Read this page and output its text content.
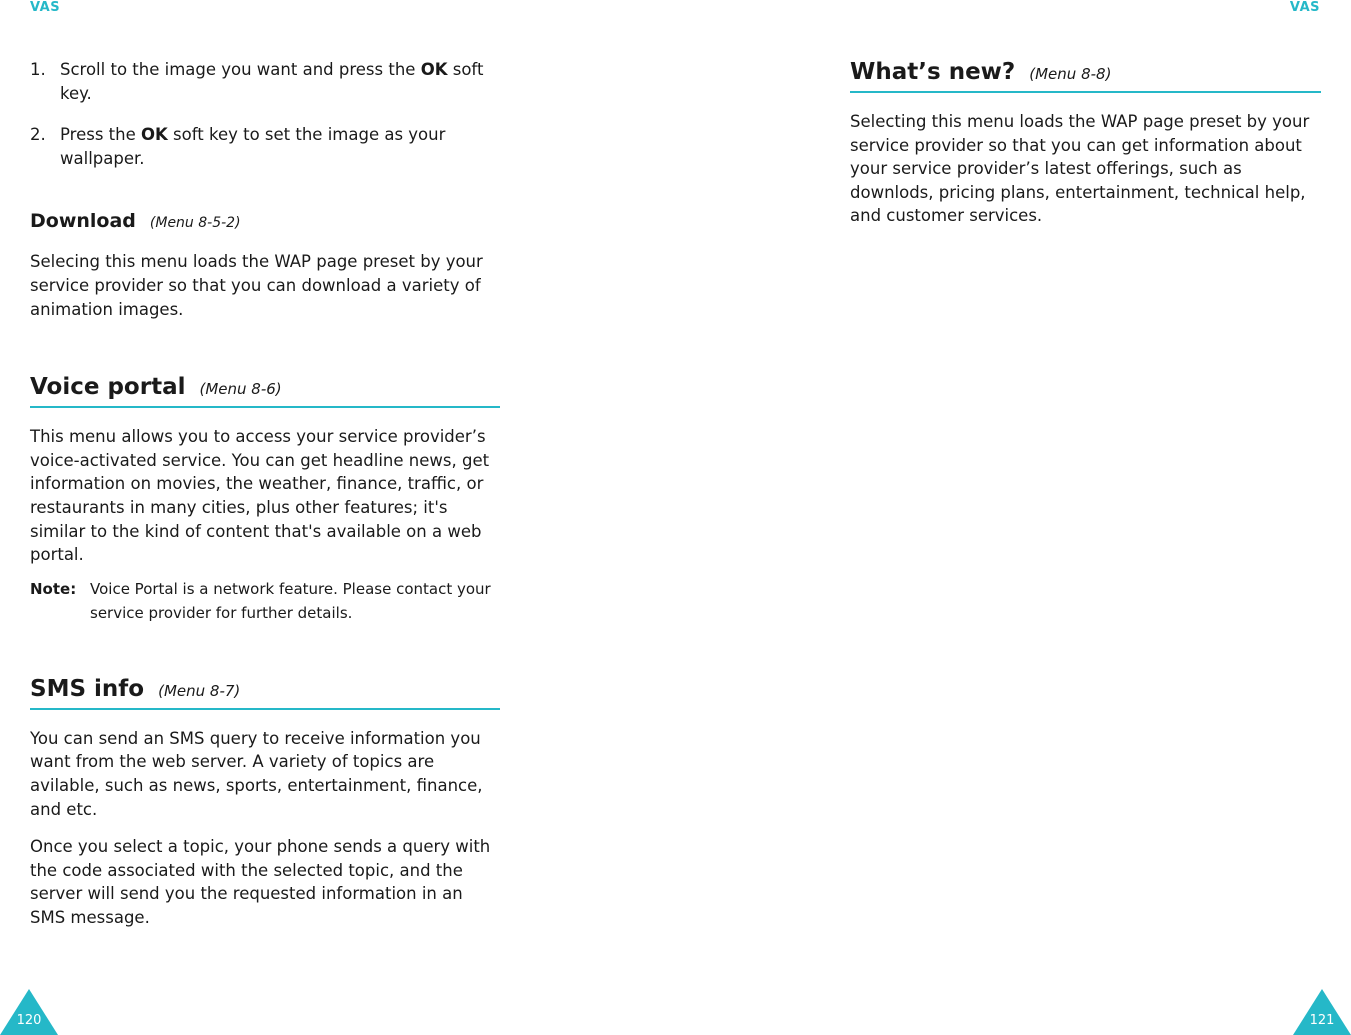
VAS	VAS
1. Scroll to the image you want and press the OK soft key.
2. Press the OK soft key to set the image as your wallpaper.
Download (Menu 8-5-2)

Selecing this menu loads the WAP page preset by your service provider so that you can download a variety of animation images.

Voice portal (Menu 8-6)

This menu allows you to access your service provider’s voice-activated service. You can get headline news, get information on movies, the weather, finance, traffic, or restaurants in many cities, plus other features; it's similar to the kind of content that's available on a web portal.

Note: Voice Portal is a network feature. Please contact your service provider for further details.

SMS info (Menu 8-7)

You can send an SMS query to receive information you want from the web server. A variety of topics are avilable, such as news, sports, entertainment, finance, and etc.

Once you select a topic, your phone sends a query with the code associated with the selected topic, and the server will send you the requested information in an SMS message.

What’s new? (Menu 8-8)

Selecting this menu loads the WAP page preset by your service provider so that you can get information about your service provider’s latest offerings, such as downlods, pricing plans, entertainment, technical help, and customer services.

120	121
